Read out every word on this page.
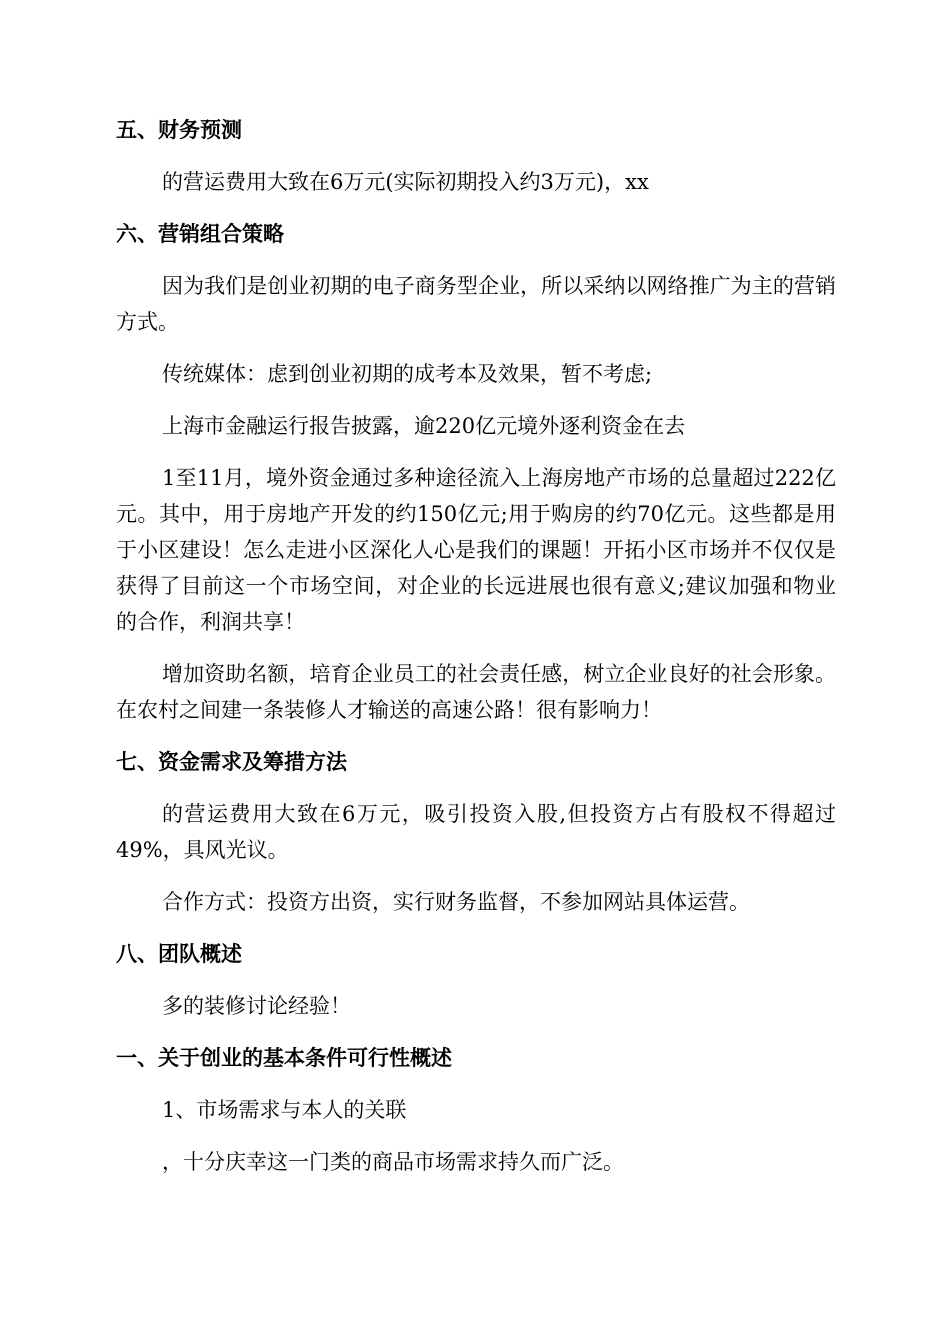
五、财务预测
的营运费用大致在6万元(实际初期投入约3万元)，xx
六、营销组合策略
因为我们是创业初期的电子商务型企业，所以采纳以网络推广为主的营销方式。
传统媒体：虑到创业初期的成考本及效果，暂不考虑;
上海市金融运行报告披露，逾220亿元境外逐利资金在去
1至11月，境外资金通过多种途径流入上海房地产市场的总量超过222亿元。其中，用于房地产开发的约150亿元;用于购房的约70亿元。这些都是用于小区建设！怎么走进小区深化人心是我们的课题！开拓小区市场并不仅仅是获得了目前这一个市场空间，对企业的长远进展也很有意义;建议加强和物业的合作，利润共享！
增加资助名额，培育企业员工的社会责任感，树立企业良好的社会形象。在农村之间建一条装修人才输送的高速公路！很有影响力！
七、资金需求及筹措方法
的营运费用大致在6万元，吸引投资入股,但投资方占有股权不得超过49%，具风光议。
合作方式：投资方出资，实行财务监督，不参加网站具体运营。
八、团队概述
多的装修讨论经验！
一、关于创业的基本条件可行性概述
1、市场需求与本人的关联
，十分庆幸这一门类的商品市场需求持久而广泛。
